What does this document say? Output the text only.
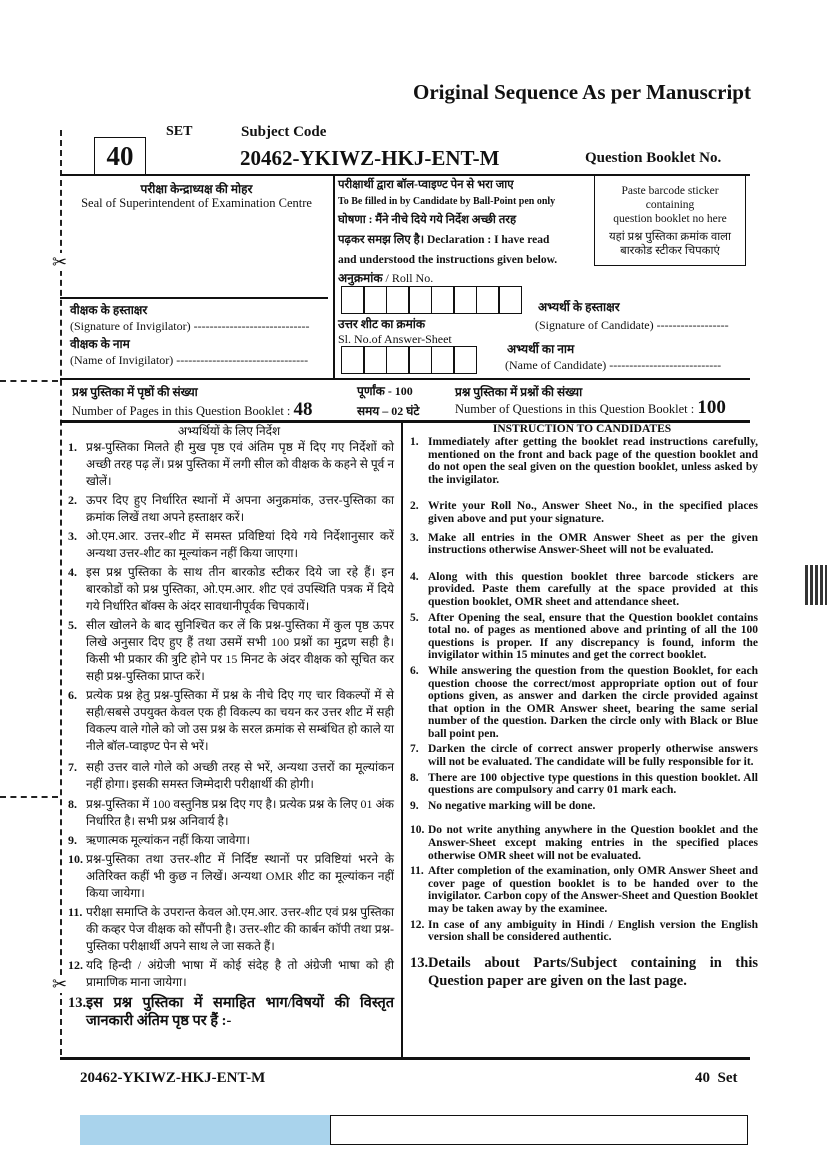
Original Sequence As per Manuscript
✂
✂
SET
40
Subject Code
20462-YKIWZ-HKJ-ENT-M	Question Booklet No.
परीक्षा केन्द्राध्यक्ष की मोहर
Seal of Superintendent of Examination Centre
वीक्षक के हस्ताक्षर
(Signature of Invigilator) -----------------------------
वीक्षक के नाम
(Name of Invigilator) ---------------------------------
परीक्षार्थी द्वारा बॉल-प्वाइण्ट पेन से भरा जाए
To Be filled in by Candidate by Ball-Point pen only
घोषणा : मैंने नीचे दिये गये निर्देश अच्छी तरह
पढ़कर समझ लिए है। Declaration : I have read
and understood the instructions given below.
अनुक्रमांक / Roll No.
उत्तर शीट का क्रमांक
Sl. No.of Answer-Sheet
Paste barcode sticker
containing
question booklet no here
यहां प्रश्न पुस्तिका क्रमांक वाला
बारकोड स्टीकर चिपकाएं
अभ्यर्थी के हस्ताक्षर
(Signature of Candidate) ------------------
अभ्यर्थी का नाम
(Name of Candidate) ----------------------------
प्रश्न पुस्तिका में पृष्ठों की संख्या
Number of Pages in this Question Booklet : 48
पूर्णांक - 100
समय – 02 घंटे
प्रश्न पुस्तिका में प्रश्नों की संख्या
Number of Questions in this Question Booklet : 100
अभ्यर्थियों के लिए निर्देश
1. प्रश्न-पुस्तिका मिलते ही मुख पृष्ठ एवं अंतिम पृष्ठ में दिए गए निर्देशों को अच्छी तरह पढ़ लें। प्रश्न पुस्तिका में लगी सील को वीक्षक के कहने से पूर्व न खोलें।
2. ऊपर दिए हुए निर्धारित स्थानों में अपना अनुक्रमांक, उत्तर-पुस्तिका का क्रमांक लिखें तथा अपने हस्ताक्षर करें।
3. ओ.एम.आर. उत्तर-शीट में समस्त प्रविष्टियां दिये गये निर्देशानुसार करें अन्यथा उत्तर-शीट का मूल्यांकन नहीं किया जाएगा।
4. इस प्रश्न पुस्तिका के साथ तीन बारकोड स्टीकर दिये जा रहे हैं। इन बारकोडों को प्रश्न पुस्तिका, ओ.एम.आर. शीट एवं उपस्थिति पत्रक में दिये गये निर्धारित बॉक्स के अंदर सावधानीपूर्वक चिपकायें।
5. सील खोलने के बाद सुनिश्चित कर लें कि प्रश्न-पुस्तिका में कुल पृष्ठ ऊपर लिखे अनुसार दिए हुए हैं तथा उसमें सभी 100 प्रश्नों का मुद्रण सही है। किसी भी प्रकार की त्रुटि होने पर 15 मिनट के अंदर वीक्षक को सूचित कर सही प्रश्न-पुस्तिका प्राप्त करें।
6. प्रत्येक प्रश्न हेतु प्रश्न-पुस्तिका में प्रश्न के नीचे दिए गए चार विकल्पों में से सही/सबसे उपयुक्त केवल एक ही विकल्प का चयन कर उत्तर शीट में सही विकल्प वाले गोले को जो उस प्रश्न के सरल क्रमांक से सम्बंधित हो काले या नीले बॉल-प्वाइण्ट पेन से भरें।
7. सही उत्तर वाले गोले को अच्छी तरह से भरें, अन्यथा उत्तरों का मूल्यांकन नहीं होगा। इसकी समस्त जिम्मेदारी परीक्षार्थी की होगी।
8. प्रश्न-पुस्तिका में 100 वस्तुनिष्ठ प्रश्न दिए गए है। प्रत्येक प्रश्न के लिए 01 अंक निर्धारित है। सभी प्रश्न अनिवार्य है।
9. ऋणात्मक मूल्यांकन नहीं किया जावेगा।
10. प्रश्न-पुस्तिका तथा उत्तर-शीट में निर्दिष्ट स्थानों पर प्रविष्टियां भरने के अतिरिक्त कहीं भी कुछ न लिखें। अन्यथा OMR शीट का मूल्यांकन नहीं किया जायेगा।
11. परीक्षा समाप्ति के उपरान्त केवल ओ.एम.आर. उत्तर-शीट एवं प्रश्न पुस्तिका की कव्हर पेज वीक्षक को सौंपनी है। उत्तर-शीट की कार्बन कॉपी तथा प्रश्न-पुस्तिका परीक्षार्थी अपने साथ ले जा सकते हैं।
12. यदि हिन्दी / अंग्रेजी भाषा में कोई संदेह है तो अंग्रेजी भाषा को ही प्रामाणिक माना जायेगा।
13. इस प्रश्न पुस्तिका में समाहित भाग/विषयों की विस्तृत जानकारी अंतिम पृष्ठ पर हैं :-
INSTRUCTION TO CANDIDATES
1. Immediately after getting the booklet read instructions carefully, mentioned on the front and back page of the question booklet and do not open the seal given on the question booklet, unless asked by the invigilator.
2. Write your Roll No., Answer Sheet No., in the specified places given above and put your signature.
3. Make all entries in the OMR Answer Sheet as per the given instructions otherwise Answer-Sheet will not be evaluated.
4. Along with this question booklet three barcode stickers are provided. Paste them carefully at the space provided at this question booklet, OMR sheet and attendance sheet.
5. After Opening the seal, ensure that the Question booklet contains total no. of pages as mentioned above and printing of all the 100 questions is proper. If any discrepancy is found, inform the invigilator within 15 minutes and get the correct booklet.
6. While answering the question from the question Booklet, for each question choose the correct/most appropriate option out of four options given, as answer and darken the circle provided against that option in the OMR Answer sheet, bearing the same serial number of the question. Darken the circle only with Black or Blue ball point pen.
7. Darken the circle of correct answer properly otherwise answers will not be evaluated. The candidate will be fully responsible for it.
8. There are 100 objective type questions in this question booklet. All questions are compulsory and carry 01 mark each.
9. No negative marking will be done.
10. Do not write anything anywhere in the Question booklet and the Answer-Sheet except making entries in the specified places otherwise OMR sheet will not be evaluated.
11. After completion of the examination, only OMR Answer Sheet and cover page of question booklet is to be handed over to the invigilator. Carbon copy of the Answer-Sheet and Question Booklet may be taken away by the examinee.
12. In case of any ambiguity in Hindi / English version the English version shall be considered authentic.
13. Details about Parts/Subject containing in this Question paper are given on the last page.
20462-YKIWZ-HKJ-ENT-M	40  Set
